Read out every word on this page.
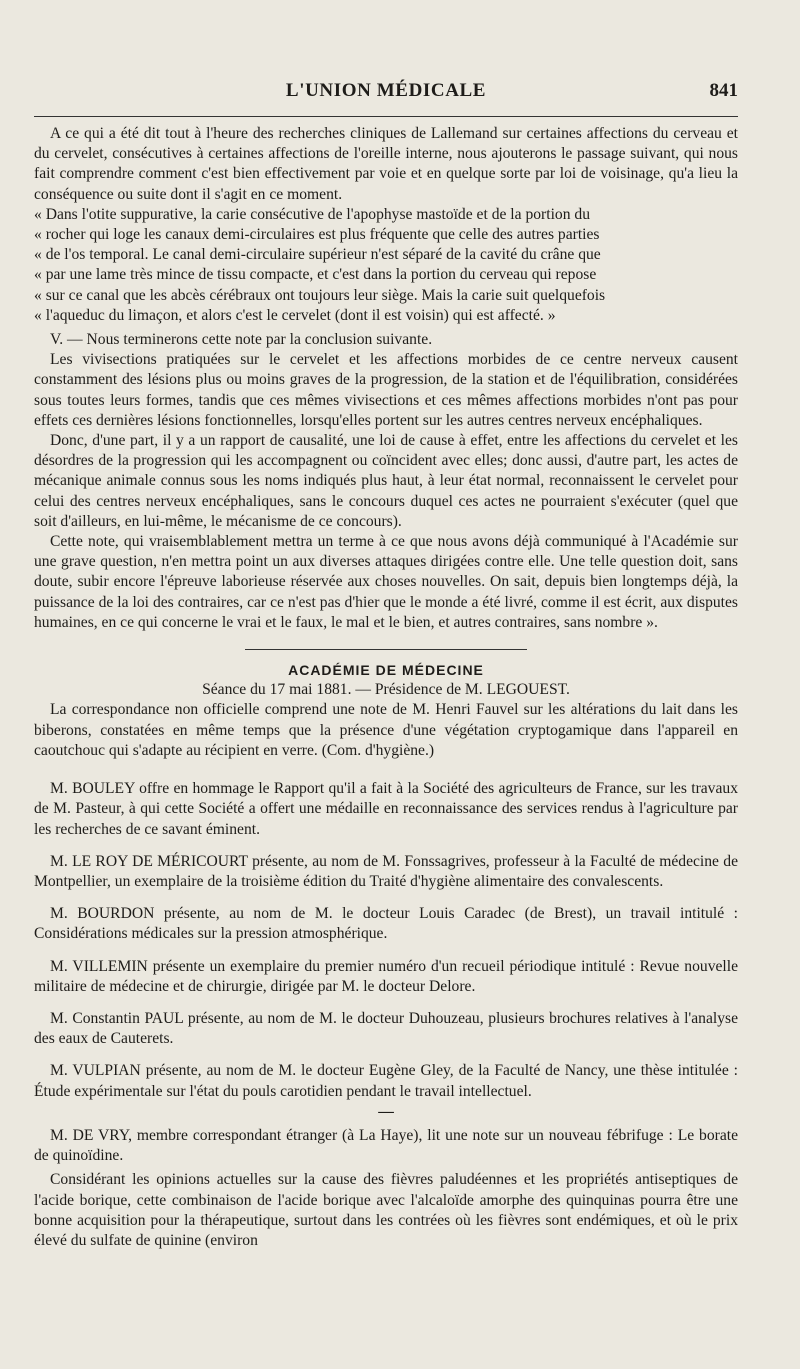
L'UNION MÉDICALE	841

A ce qui a été dit tout à l'heure des recherches cliniques de Lallemand sur certaines affections du cerveau et du cervelet, consécutives à certaines affections de l'oreille interne, nous ajouterons le passage suivant, qui nous fait comprendre comment c'est bien effectivement par voie et en quelque sorte par loi de voisinage, qu'a lieu la conséquence ou suite dont il s'agit en ce moment.

« Dans l'otite suppurative, la carie consécutive de l'apophyse mastoïde et de la portion du
« rocher qui loge les canaux demi-circulaires est plus fréquente que celle des autres parties
« de l'os temporal. Le canal demi-circulaire supérieur n'est séparé de la cavité du crâne que
« par une lame très mince de tissu compacte, et c'est dans la portion du cerveau qui repose
« sur ce canal que les abcès cérébraux ont toujours leur siège. Mais la carie suit quelquefois
« l'aqueduc du limaçon, et alors c'est le cervelet (dont il est voisin) qui est affecté. »

V. — Nous terminerons cette note par la conclusion suivante.

Les vivisections pratiquées sur le cervelet et les affections morbides de ce centre nerveux causent constamment des lésions plus ou moins graves de la progression, de la station et de l'équilibration, considérées sous toutes leurs formes, tandis que ces mêmes vivisections et ces mêmes affections morbides n'ont pas pour effets ces dernières lésions fonctionnelles, lorsqu'elles portent sur les autres centres nerveux encéphaliques.

Donc, d'une part, il y a un rapport de causalité, une loi de cause à effet, entre les affections du cervelet et les désordres de la progression qui les accompagnent ou coïncident avec elles; donc aussi, d'autre part, les actes de mécanique animale connus sous les noms indiqués plus haut, à leur état normal, reconnaissent le cervelet pour celui des centres nerveux encéphaliques, sans le concours duquel ces actes ne pourraient s'exécuter (quel que soit d'ailleurs, en lui-même, le mécanisme de ce concours).

Cette note, qui vraisemblablement mettra un terme à ce que nous avons déjà communiqué à l'Académie sur une grave question, n'en mettra point un aux diverses attaques dirigées contre elle. Une telle question doit, sans doute, subir encore l'épreuve laborieuse réservée aux choses nouvelles. On sait, depuis bien longtemps déjà, la puissance de la loi des contraires, car ce n'est pas d'hier que le monde a été livré, comme il est écrit, aux disputes humaines, en ce qui concerne le vrai et le faux, le mal et le bien, et autres contraires, sans nombre ».

ACADÉMIE DE MÉDECINE

Séance du 17 mai 1881. — Présidence de M. LEGOUEST.

La correspondance non officielle comprend une note de M. Henri Fauvel sur les altérations du lait dans les biberons, constatées en même temps que la présence d'une végétation cryptogamique dans l'appareil en caoutchouc qui s'adapte au récipient en verre. (Com. d'hygiène.)

M. BOULEY offre en hommage le Rapport qu'il a fait à la Société des agriculteurs de France, sur les travaux de M. Pasteur, à qui cette Société a offert une médaille en reconnaissance des services rendus à l'agriculture par les recherches de ce savant éminent.

M. LE ROY DE MÉRICOURT présente, au nom de M. Fonssagrives, professeur à la Faculté de médecine de Montpellier, un exemplaire de la troisième édition du Traité d'hygiène alimentaire des convalescents.

M. BOURDON présente, au nom de M. le docteur Louis Caradec (de Brest), un travail intitulé : Considérations médicales sur la pression atmosphérique.

M. VILLEMIN présente un exemplaire du premier numéro d'un recueil périodique intitulé : Revue nouvelle militaire de médecine et de chirurgie, dirigée par M. le docteur Delore.

M. Constantin PAUL présente, au nom de M. le docteur Duhouzeau, plusieurs brochures relatives à l'analyse des eaux de Cauterets.

M. VULPIAN présente, au nom de M. le docteur Eugène Gley, de la Faculté de Nancy, une thèse intitulée : Étude expérimentale sur l'état du pouls carotidien pendant le travail intellectuel.

—

M. DE VRY, membre correspondant étranger (à La Haye), lit une note sur un nouveau fébrifuge : Le borate de quinoïdine.

Considérant les opinions actuelles sur la cause des fièvres paludéennes et les propriétés antiseptiques de l'acide borique, cette combinaison de l'acide borique avec l'alcaloïde amorphe des quinquinas pourra être une bonne acquisition pour la thérapeutique, surtout dans les contrées où les fièvres sont endémiques, et où le prix élevé du sulfate de quinine (environ
